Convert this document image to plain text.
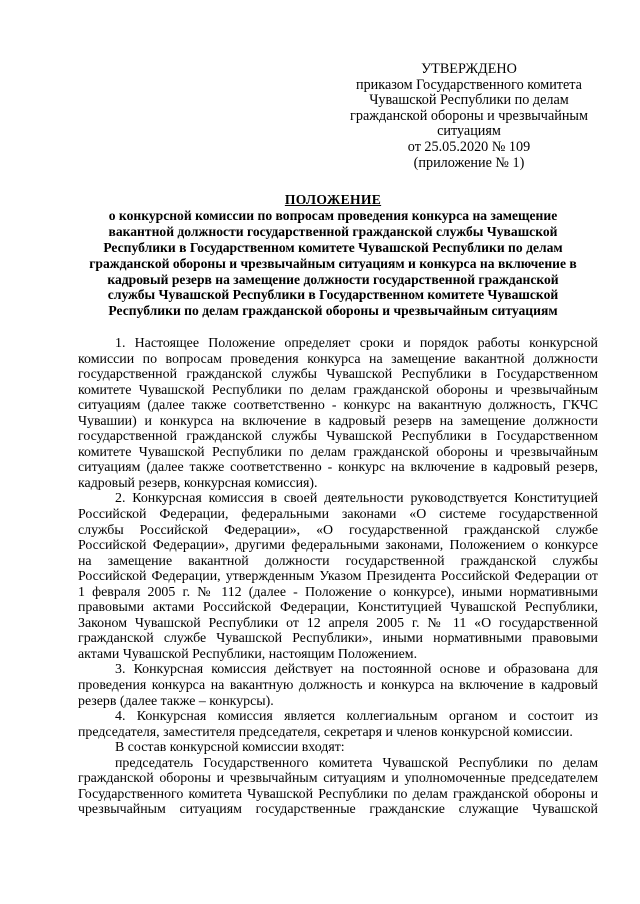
УТВЕРЖДЕНО
приказом Государственного комитета
Чувашской Республики по делам
гражданской обороны и чрезвычайным
ситуациям
от 25.05.2020 № 109
(приложение № 1)
ПОЛОЖЕНИЕ
о конкурсной комиссии по вопросам проведения конкурса на замещение
вакантной должности государственной гражданской службы Чувашской
Республики в Государственном комитете Чувашской Республики по делам
гражданской обороны и чрезвычайным ситуациям и конкурса на включение в
кадровый резерв на замещение должности государственной гражданской
службы Чувашской Республики в Государственном комитете Чувашской
Республики по делам гражданской обороны и чрезвычайным ситуациям
1. Настоящее Положение определяет сроки и порядок работы конкурсной
комиссии по вопросам проведения конкурса на замещение вакантной должности
государственной гражданской службы Чувашской Республики в Государственном
комитете Чувашской Республики по делам гражданской обороны и чрезвычайным
ситуациям (далее также соответственно - конкурс на вакантную должность, ГКЧС
Чувашии) и конкурса на включение в кадровый резерв на замещение должности
государственной гражданской службы Чувашской Республики в Государственном
комитете Чувашской Республики по делам гражданской обороны и чрезвычайным
ситуациям (далее также соответственно - конкурс на включение в кадровый резерв,
кадровый резерв, конкурсная комиссия).
2. Конкурсная комиссия в своей деятельности руководствуется Конституцией
Российской Федерации, федеральными законами «О системе государственной
службы Российской Федерации», «О государственной гражданской службе
Российской Федерации», другими федеральными законами, Положением о конкурсе
на замещение вакантной должности государственной гражданской службы
Российской Федерации, утвержденным Указом Президента Российской Федерации от
1 февраля 2005 г. № 112 (далее - Положение о конкурсе), иными нормативными
правовыми актами Российской Федерации, Конституцией Чувашской Республики,
Законом Чувашской Республики от 12 апреля 2005 г. № 11 «О государственной
гражданской службе Чувашской Республики», иными нормативными правовыми
актами Чувашской Республики, настоящим Положением.
3. Конкурсная комиссия действует на постоянной основе и образована для
проведения конкурса на вакантную должность и конкурса на включение в кадровый
резерв (далее также – конкурсы).
4. Конкурсная комиссия является коллегиальным органом и состоит из
председателя, заместителя председателя, секретаря и членов конкурсной комиссии.
В состав конкурсной комиссии входят:
председатель Государственного комитета Чувашской Республики по делам
гражданской обороны и чрезвычайным ситуациям и уполномоченные председателем
Государственного комитета Чувашской Республики по делам гражданской обороны и
чрезвычайным ситуациям государственные гражданские служащие Чувашской
